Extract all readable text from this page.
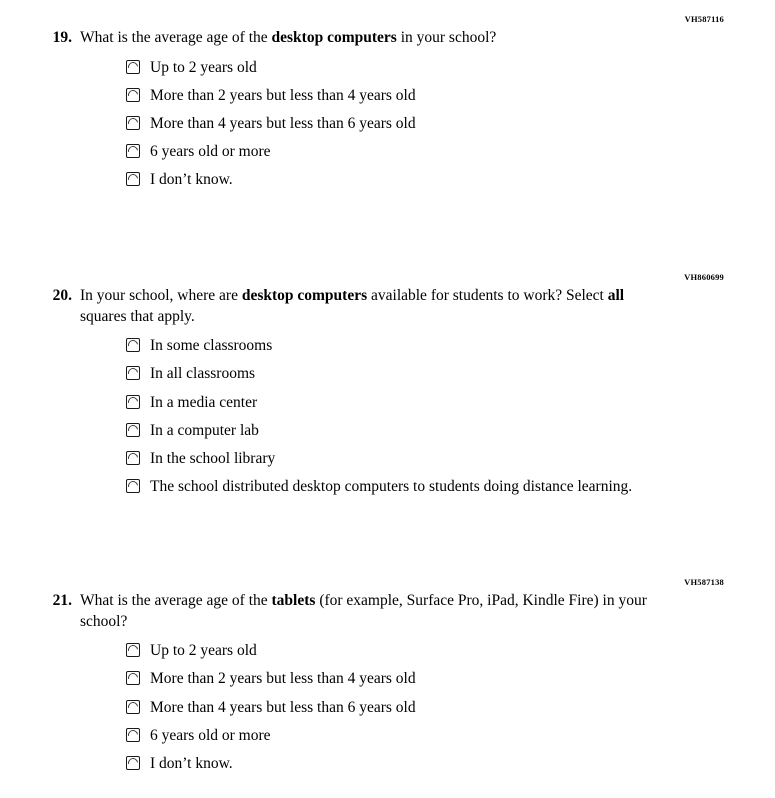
VH587116
19. What is the average age of the desktop computers in your school?
Up to 2 years old
More than 2 years but less than 4 years old
More than 4 years but less than 6 years old
6 years old or more
I don’t know.
VH860699
20. In your school, where are desktop computers available for students to work? Select all squares that apply.
In some classrooms
In all classrooms
In a media center
In a computer lab
In the school library
The school distributed desktop computers to students doing distance learning.
VH587138
21. What is the average age of the tablets (for example, Surface Pro, iPad, Kindle Fire) in your school?
Up to 2 years old
More than 2 years but less than 4 years old
More than 4 years but less than 6 years old
6 years old or more
I don’t know.
